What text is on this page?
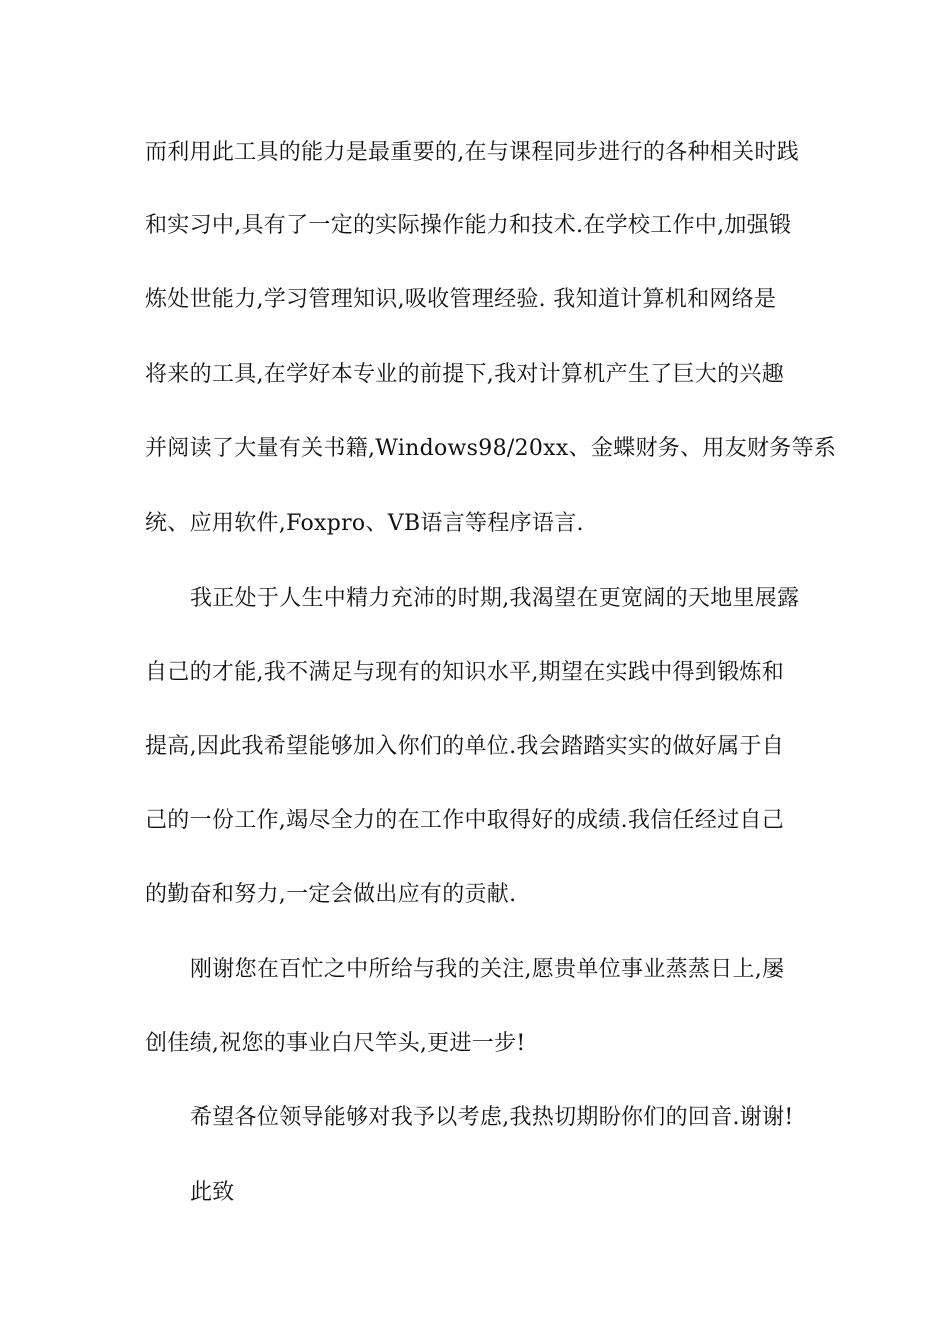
而利用此工具的能力是最重要的,在与课程同步进行的各种相关时践
和实习中,具有了一定的实际操作能力和技术.在学校工作中,加强锻
炼处世能力,学习管理知识,吸收管理经验. 我知道计算机和网络是
将来的工具,在学好本专业的前提下,我对计算机产生了巨大的兴趣
并阅读了大量有关书籍,Windows98/20xx、金蝶财务、用友财务等系
统、应用软件,Foxpro、VB语言等程序语言.
我正处于人生中精力充沛的时期,我渴望在更宽阔的天地里展露
自己的才能,我不满足与现有的知识水平,期望在实践中得到锻炼和
提高,因此我希望能够加入你们的单位.我会踏踏实实的做好属于自
己的一份工作,竭尽全力的在工作中取得好的成绩.我信任经过自己
的勤奋和努力,一定会做出应有的贡献.
刚谢您在百忙之中所给与我的关注,愿贵单位事业蒸蒸日上,屡
创佳绩,祝您的事业白尺竿头,更进一步!
希望各位领导能够对我予以考虑,我热切期盼你们的回音.谢谢!
此致
